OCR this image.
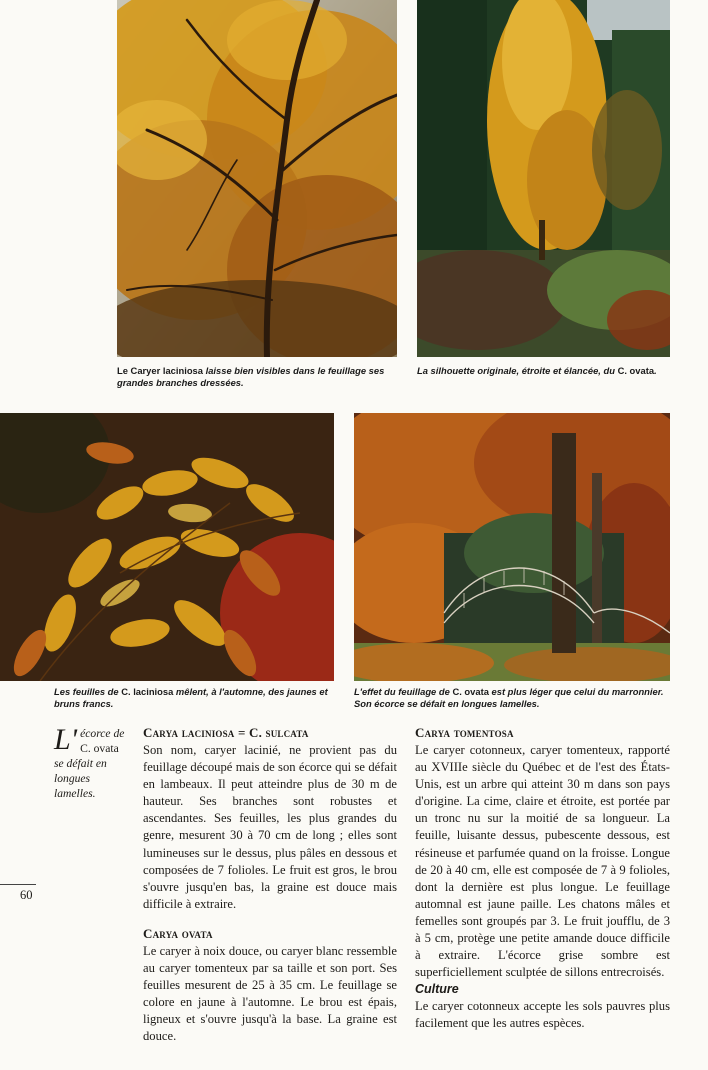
Le Caryer laciniosa laisse bien visibles dans le feuillage ses grandes branches dressées.
La silhouette originale, étroite et élancée, du C. ovata.
Les feuilles de C. laciniosa mêlent, à l'automne, des jaunes et bruns francs.
L'effet du feuillage de C. ovata est plus léger que celui du marronnier. Son écorce se défait en longues lamelles.
L' écorce de C. ovata se défait en longues lamelles.
60
Carya laciniosa = C. sulcata

Son nom, caryer lacinié, ne provient pas du feuillage découpé mais de son écorce qui se défait en lambeaux. Il peut atteindre plus de 30 m de hauteur. Ses branches sont robustes et ascendantes. Ses feuilles, les plus grandes du genre, mesurent 30 à 70 cm de long ; elles sont lumineuses sur le dessus, plus pâles en dessous et composées de 7 folioles. Le fruit est gros, le brou s'ouvre jusqu'en bas, la graine est douce mais difficile à extraire.

Carya ovata

Le caryer à noix douce, ou caryer blanc ressemble au caryer tomenteux par sa taille et son port. Ses feuilles mesurent de 25 à 35 cm. Le feuillage se colore en jaune à l'automne. Le brou est épais, ligneux et s'ouvre jusqu'à la base. La graine est douce.

Carya tomentosa

Le caryer cotonneux, caryer tomenteux, rapporté au XVIIIe siècle du Québec et de l'est des États-Unis, est un arbre qui atteint 30 m dans son pays d'origine. La cime, claire et étroite, est portée par un tronc nu sur la moitié de sa longueur. La feuille, luisante dessus, pubescente dessous, est résineuse et parfumée quand on la froisse. Longue de 20 à 40 cm, elle est composée de 7 à 9 folioles, dont la dernière est plus longue. Le feuillage automnal est jaune paille. Les chatons mâles et femelles sont groupés par 3. Le fruit joufflu, de 3 à 5 cm, protège une petite amande douce difficile à extraire. L'écorce grise sombre est superficiellement sculptée de sillons entrecroisés.

Culture

Le caryer cotonneux accepte les sols pauvres plus facilement que les autres espèces.
